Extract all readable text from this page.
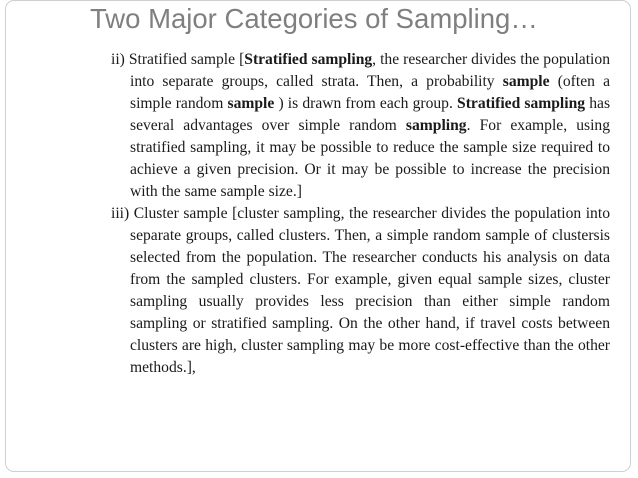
Two Major Categories of Sampling…

ii) Stratified sample [Stratified sampling, the researcher divides the population into separate groups, called strata. Then, a probability sample (often a simple random sample ) is drawn from each group. Stratified sampling has several advantages over simple random sampling. For example, using stratified sampling, it may be possible to reduce the sample size required to achieve a given precision. Or it may be possible to increase the precision with the same sample size.]

iii) Cluster sample [cluster sampling, the researcher divides the population into separate groups, called clusters. Then, a simple random sample of clustersis selected from the population. The researcher conducts his analysis on data from the sampled clusters. For example, given equal sample sizes, cluster sampling usually provides less precision than either simple random sampling or stratified sampling. On the other hand, if travel costs between clusters are high, cluster sampling may be more cost-effective than the other methods.],
